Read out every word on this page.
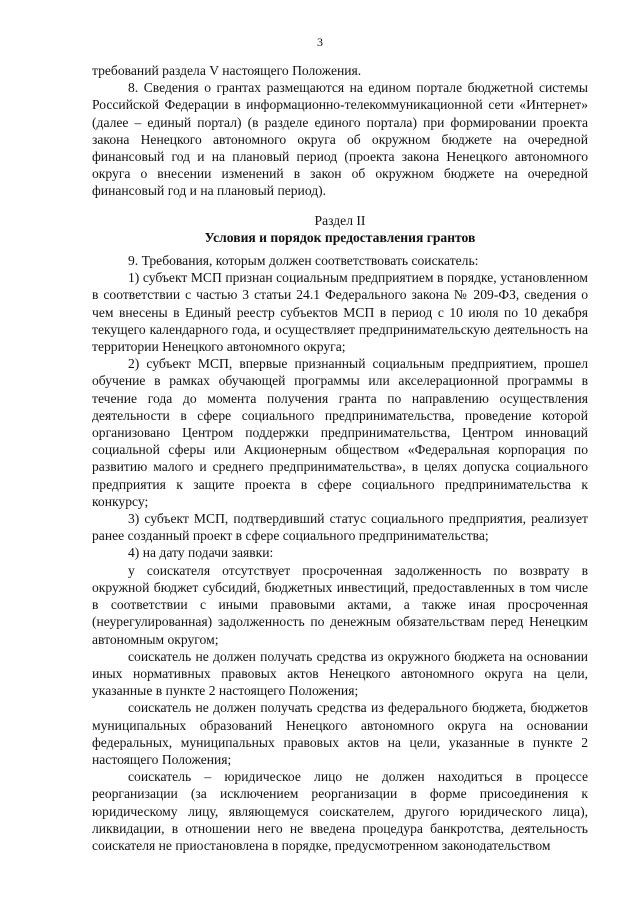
3

требований раздела V настоящего Положения.

8. Сведения о грантах размещаются на едином портале бюджетной системы Российской Федерации в информационно-телекоммуникационной сети «Интернет» (далее – единый портал) (в разделе единого портала) при формировании проекта закона Ненецкого автономного округа об окружном бюджете на очередной финансовый год и на плановый период (проекта закона Ненецкого автономного округа о внесении изменений в закон об окружном бюджете на очередной финансовый год и на плановый период).

Раздел II
Условия и порядок предоставления грантов

9. Требования, которым должен соответствовать соискатель:

1) субъект МСП признан социальным предприятием в порядке, установленном в соответствии с частью 3 статьи 24.1 Федерального закона № 209-ФЗ, сведения о чем внесены в Единый реестр субъектов МСП в период с 10 июля по 10 декабря текущего календарного года, и осуществляет предпринимательскую деятельность на территории Ненецкого автономного округа;

2) субъект МСП, впервые признанный социальным предприятием, прошел обучение в рамках обучающей программы или акселерационной программы в течение года до момента получения гранта по направлению осуществления деятельности в сфере социального предпринимательства, проведение которой организовано Центром поддержки предпринимательства, Центром инноваций социальной сферы или Акционерным обществом «Федеральная корпорация по развитию малого и среднего предпринимательства», в целях допуска социального предприятия к защите проекта в сфере социального предпринимательства к конкурсу;

3) субъект МСП, подтвердивший статус социального предприятия, реализует ранее созданный проект в сфере социального предпринимательства;

4) на дату подачи заявки:

у соискателя отсутствует просроченная задолженность по возврату в окружной бюджет субсидий, бюджетных инвестиций, предоставленных в том числе в соответствии с иными правовыми актами, а также иная просроченная (неурегулированная) задолженность по денежным обязательствам перед Ненецким автономным округом;

соискатель не должен получать средства из окружного бюджета на основании иных нормативных правовых актов Ненецкого автономного округа на цели, указанные в пункте 2 настоящего Положения;

соискатель не должен получать средства из федерального бюджета, бюджетов муниципальных образований Ненецкого автономного округа на основании федеральных, муниципальных правовых актов на цели, указанные в пункте 2 настоящего Положения;

соискатель – юридическое лицо не должен находиться в процессе реорганизации (за исключением реорганизации в форме присоединения к юридическому лицу, являющемуся соискателем, другого юридического лица), ликвидации, в отношении него не введена процедура банкротства, деятельность соискателя не приостановлена в порядке, предусмотренном законодательством
